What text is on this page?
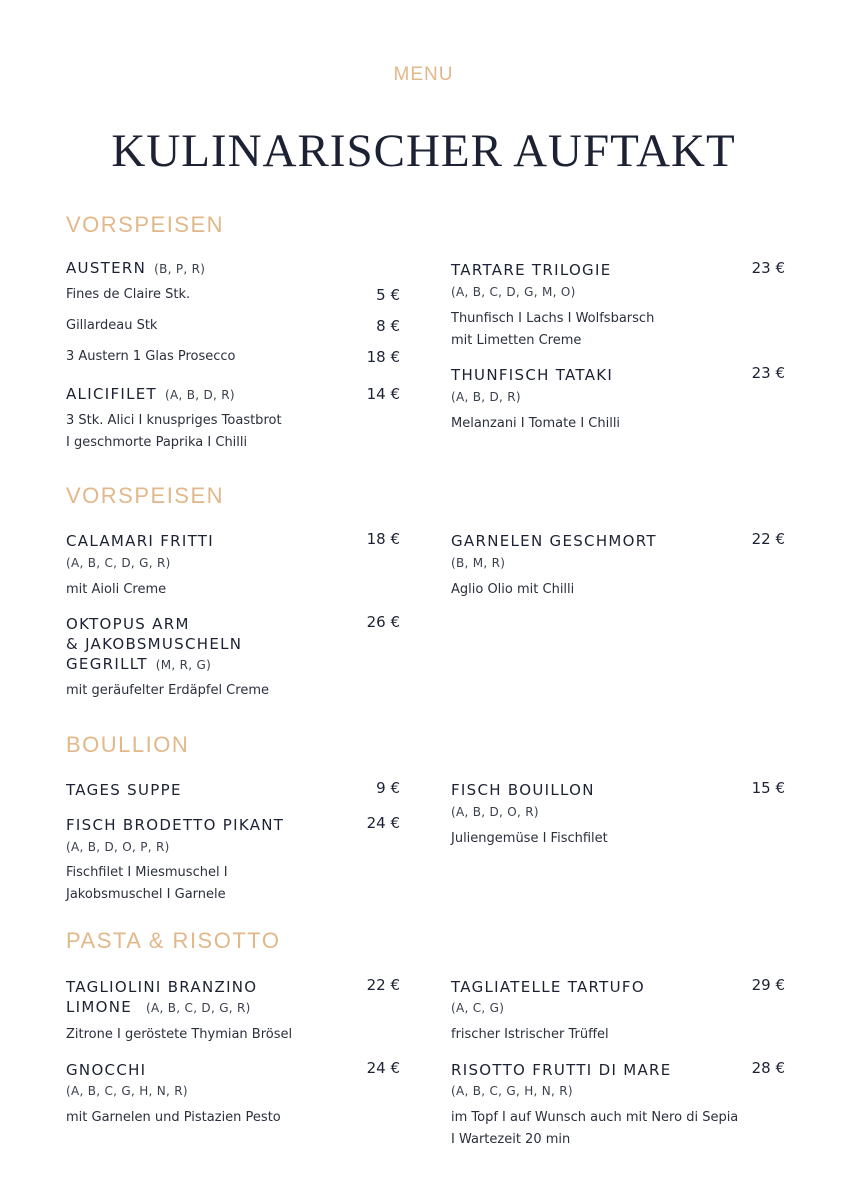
MENU
KULINARISCHER AUFTAKT
VORSPEISEN
AUSTERN (B, P, R)
Fines de Claire Stk.	5 €
Gillardeau Stk	8 €
3 Austern 1 Glas Prosecco	18 €
ALICIFILET (A, B, D, R)	14 €
3 Stk. Alici I knuspriges Toastbrot
I geschmorte Paprika I Chilli
TARTARE TRILOGIE	23 €
(A, B, C, D, G, M, O)
Thunfisch I Lachs I Wolfsbarsch
mit Limetten Creme
THUNFISCH TATAKI	23 €
(A, B, D, R)
Melanzani I Tomate I Chilli
VORSPEISEN
CALAMARI FRITTI	18 €
(A, B, C, D, G, R)
mit Aioli Creme
OKTOPUS ARM
& JAKOBSMUSCHELN
GEGRILLT (M, R, G)
26 €
mit geräufelter Erdäpfel Creme
GARNELEN GESCHMORT	22 €
(B, M, R)
Aglio Olio mit Chilli
BOULLION
TAGES SUPPE	9 €
FISCH BRODETTO PIKANT	24 €
(A, B, D, O, P, R)
Fischfilet I Miesmuschel I
Jakobsmuschel I Garnele
FISCH BOUILLON	15 €
(A, B, D, O, R)
Juliengemüse I Fischfilet
PASTA & RISOTTO
TAGLIOLINI BRANZINO
LIMONE (A, B, C, D, G, R)
22 €
Zitrone I geröstete Thymian Brösel
GNOCCHI	24 €
(A, B, C, G, H, N, R)
mit Garnelen und Pistazien Pesto
TAGLIATELLE TARTUFO	29 €
(A, C, G)
frischer Istrischer Trüffel
RISOTTO FRUTTI DI MARE	28 €
(A, B, C, G, H, N, R)
im Topf I auf Wunsch auch mit Nero di Sepia
I Wartezeit 20 min
